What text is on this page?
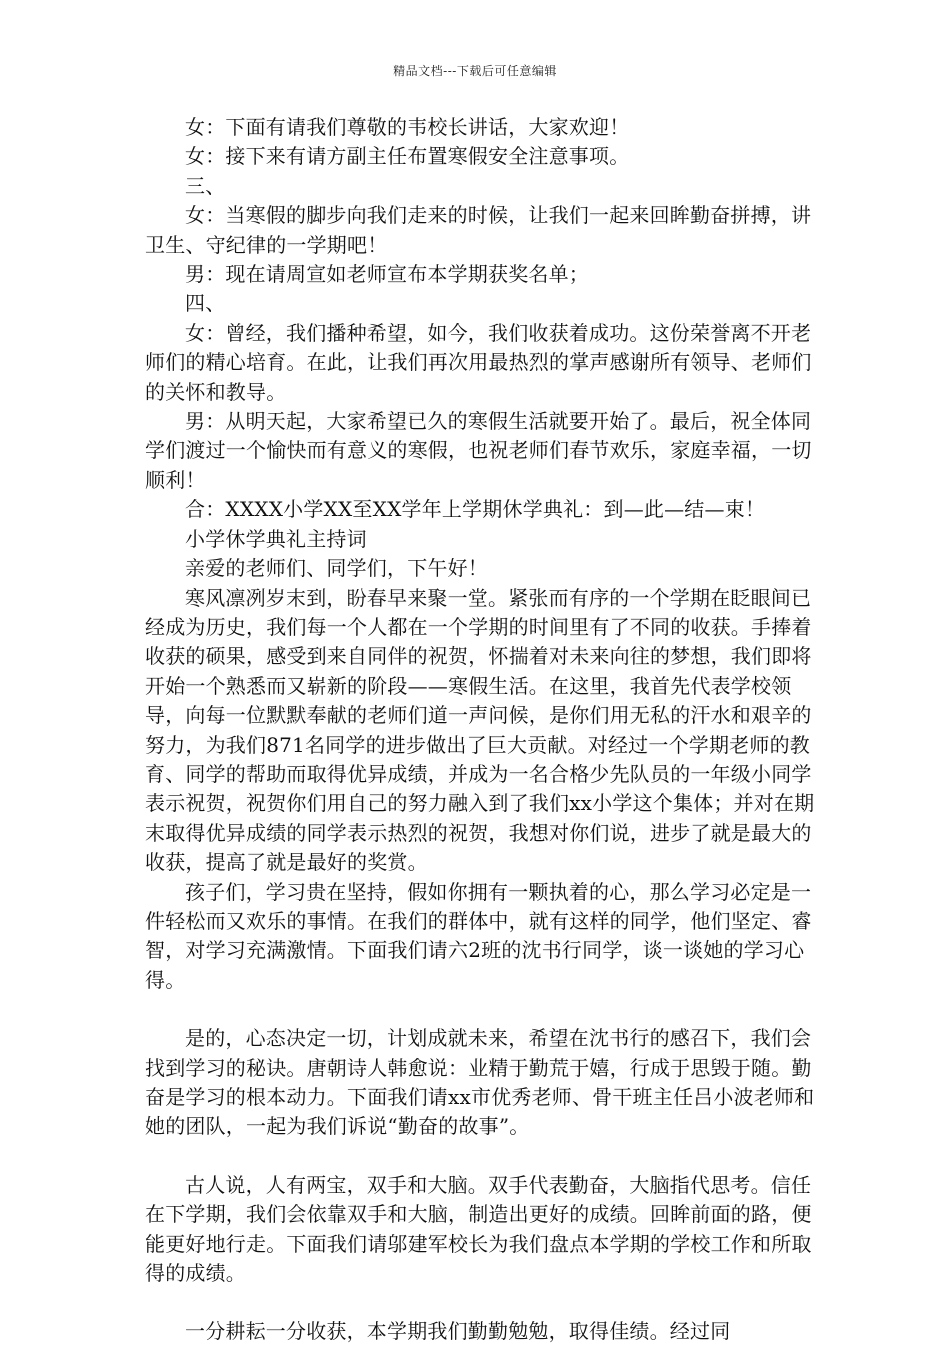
精品文档---下载后可任意编辑

女：下面有请我们尊敬的韦校长讲话，大家欢迎！

女：接下来有请方副主任布置寒假安全注意事项。

三、

女：当寒假的脚步向我们走来的时候，让我们一起来回眸勤奋拼搏，讲卫生、守纪律的一学期吧！

男：现在请周宣如老师宣布本学期获奖名单；

四、

女：曾经，我们播种希望，如今，我们收获着成功。这份荣誉离不开老师们的精心培育。在此，让我们再次用最热烈的掌声感谢所有领导、老师们的关怀和教导。

男：从明天起，大家希望已久的寒假生活就要开始了。最后，祝全体同学们渡过一个愉快而有意义的寒假，也祝老师们春节欢乐，家庭幸福，一切顺利！

合：XXXX小学XX至XX学年上学期休学典礼：到—此—结—束！

小学休学典礼主持词

亲爱的老师们、同学们，下午好！

寒风凛冽岁末到，盼春早来聚一堂。紧张而有序的一个学期在眨眼间已经成为历史，我们每一个人都在一个学期的时间里有了不同的收获。手捧着收获的硕果，感受到来自同伴的祝贺，怀揣着对未来向往的梦想，我们即将开始一个熟悉而又崭新的阶段——寒假生活。在这里，我首先代表学校领导，向每一位默默奉献的老师们道一声问候，是你们用无私的汗水和艰辛的努力，为我们871名同学的进步做出了巨大贡献。对经过一个学期老师的教育、同学的帮助而取得优异成绩，并成为一名合格少先队员的一年级小同学表示祝贺，祝贺你们用自己的努力融入到了我们xx小学这个集体；并对在期末取得优异成绩的同学表示热烈的祝贺，我想对你们说，进步了就是最大的收获，提高了就是最好的奖赏。

孩子们，学习贵在坚持，假如你拥有一颗执着的心，那么学习必定是一件轻松而又欢乐的事情。在我们的群体中，就有这样的同学，他们坚定、睿智，对学习充满激情。下面我们请六2班的沈书行同学，谈一谈她的学习心得。

是的，心态决定一切，计划成就未来，希望在沈书行的感召下，我们会找到学习的秘诀。唐朝诗人韩愈说：业精于勤荒于嬉，行成于思毁于随。勤奋是学习的根本动力。下面我们请xx市优秀老师、骨干班主任吕小波老师和她的团队，一起为我们诉说“勤奋的故事”。

古人说，人有两宝，双手和大脑。双手代表勤奋，大脑指代思考。信任在下学期，我们会依靠双手和大脑，制造出更好的成绩。回眸前面的路，便能更好地行走。下面我们请邬建军校长为我们盘点本学期的学校工作和所取得的成绩。

一分耕耘一分收获，本学期我们勤勤勉勉，取得佳绩。经过同
